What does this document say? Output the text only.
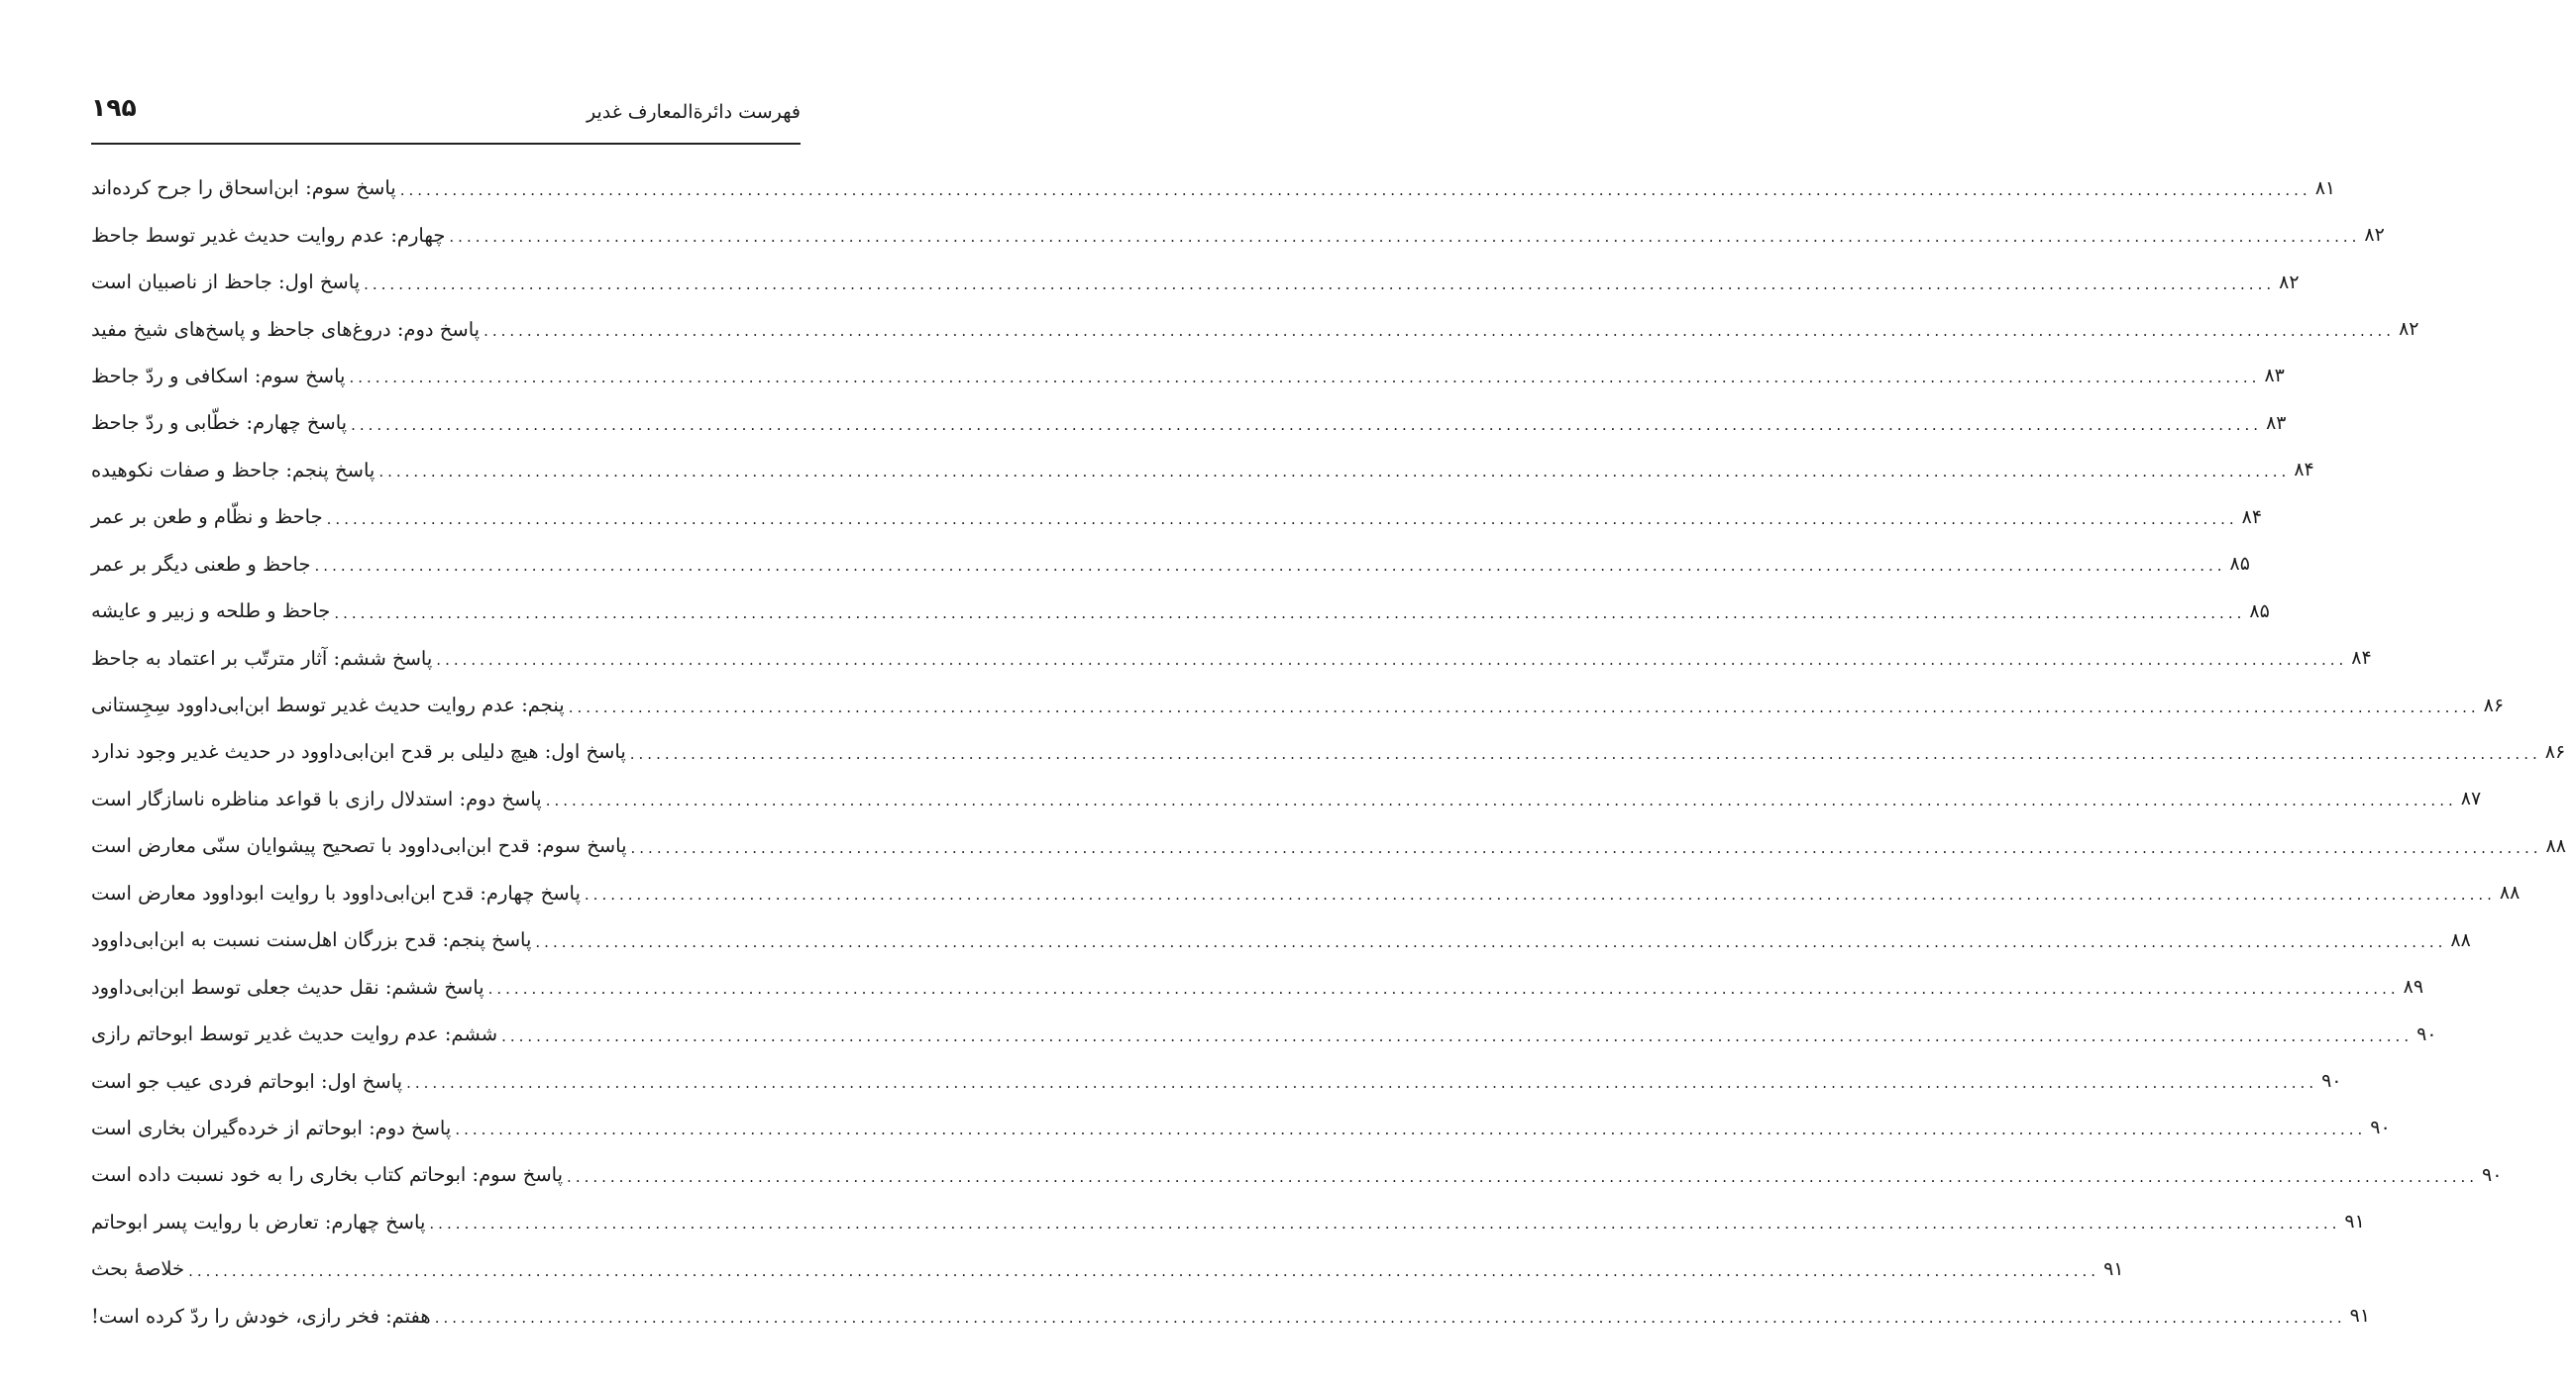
۱۹۵	فهرست دائرةالمعارف غدیر
پاسخ سوم: ابن‌اسحاق را جرح کرده‌اند ............................................................................................................................................................................................................................ ۸۱
چهارم: عدم روایت حدیث غدیر توسط جاحظ ............................................................................................................................................................................................................................ ۸۲
پاسخ اول: جاحظ از ناصبیان است ............................................................................................................................................................................................................................ ۸۲
پاسخ دوم: دروغ‌های جاحظ و پاسخ‌های شیخ مفید ............................................................................................................................................................................................................................ ۸۲
پاسخ سوم: اسکافی و ردّ جاحظ ............................................................................................................................................................................................................................ ۸۳
پاسخ چهارم: خطّابی و ردّ جاحظ ............................................................................................................................................................................................................................ ۸۳
پاسخ پنجم: جاحظ و صفات نکوهیده ............................................................................................................................................................................................................................ ۸۴
جاحظ و نظّام و طعن بر عمر ............................................................................................................................................................................................................................ ۸۴
جاحظ و طعنی دیگر بر عمر ............................................................................................................................................................................................................................ ۸۵
جاحظ و طلحه و زبیر و عایشه ............................................................................................................................................................................................................................ ۸۵
پاسخ ششم: آثار مترتّب بر اعتماد به جاحظ ............................................................................................................................................................................................................................ ۸۴
پنجم: عدم روایت حدیث غدیر توسط ابن‌ابی‌داوود سِجِستانی ............................................................................................................................................................................................................................ ۸۶
پاسخ اول: هیچ دلیلی بر قدح ابن‌ابی‌داوود در حدیث غدیر وجود ندارد ............................................................................................................................................................................................................................ ۸۶
پاسخ دوم: استدلال رازی با قواعد مناظره ناسازگار است ............................................................................................................................................................................................................................ ۸۷
پاسخ سوم: قدح ابن‌ابی‌داوود با تصحیح پیشوایان سنّی معارض است ............................................................................................................................................................................................................................ ۸۸
پاسخ چهارم: قدح ابن‌ابی‌داوود با روایت ابوداوود معارض است ............................................................................................................................................................................................................................ ۸۸
پاسخ پنجم: قدح بزرگان اهل‌سنت نسبت به ابن‌ابی‌داوود ............................................................................................................................................................................................................................ ۸۸
پاسخ ششم: نقل حدیث جعلی توسط ابن‌ابی‌داوود ............................................................................................................................................................................................................................ ۸۹
ششم: عدم روایت حدیث غدیر توسط ابوحاتم رازی ............................................................................................................................................................................................................................ ۹۰
پاسخ اول: ابوحاتم فردی عیب جو است ............................................................................................................................................................................................................................ ۹۰
پاسخ دوم: ابوحاتم از خرده‌گیران بخاری است ............................................................................................................................................................................................................................ ۹۰
پاسخ سوم: ابوحاتم کتاب بخاری را به خود نسبت داده است ............................................................................................................................................................................................................................ ۹۰
پاسخ چهارم: تعارض با روایت پسر ابوحاتم ............................................................................................................................................................................................................................ ۹۱
خلاصهٔ بحث ............................................................................................................................................................................................................................ ۹۱
هفتم: فخر رازی، خودش را ردّ کرده است! ............................................................................................................................................................................................................................ ۹۱
